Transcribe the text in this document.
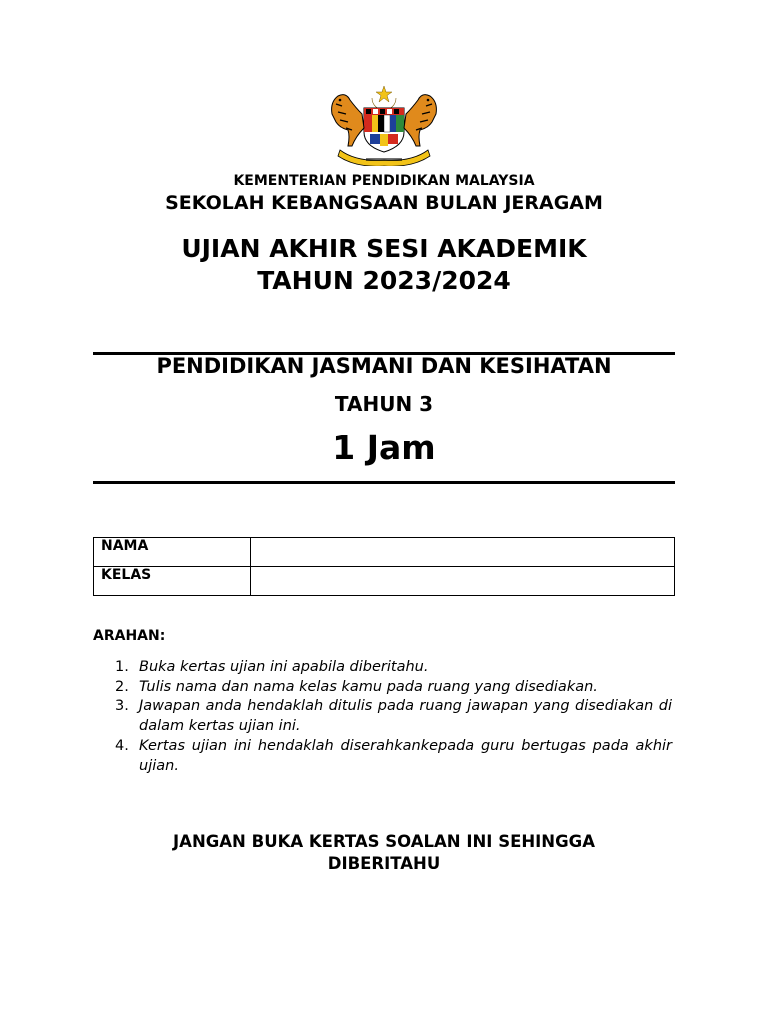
KEMENTERIAN PENDIDIKAN MALAYSIA
SEKOLAH KEBANGSAAN BULAN JERAGAM
UJIAN AKHIR SESI AKADEMIK
TAHUN 2023/2024
PENDIDIKAN JASMANI DAN KESIHATAN
TAHUN 3
1 Jam
NAMA	
KELAS	
ARAHAN:
1. Buka kertas ujian ini apabila diberitahu.
2. Tulis nama dan nama kelas kamu pada ruang yang disediakan.
3. Jawapan anda hendaklah ditulis pada ruang jawapan yang disediakan di dalam kertas ujian ini.
4. Kertas ujian ini hendaklah diserahkankepada guru bertugas pada akhir ujian.
JANGAN BUKA KERTAS SOALAN INI SEHINGGA
DIBERITAHU
